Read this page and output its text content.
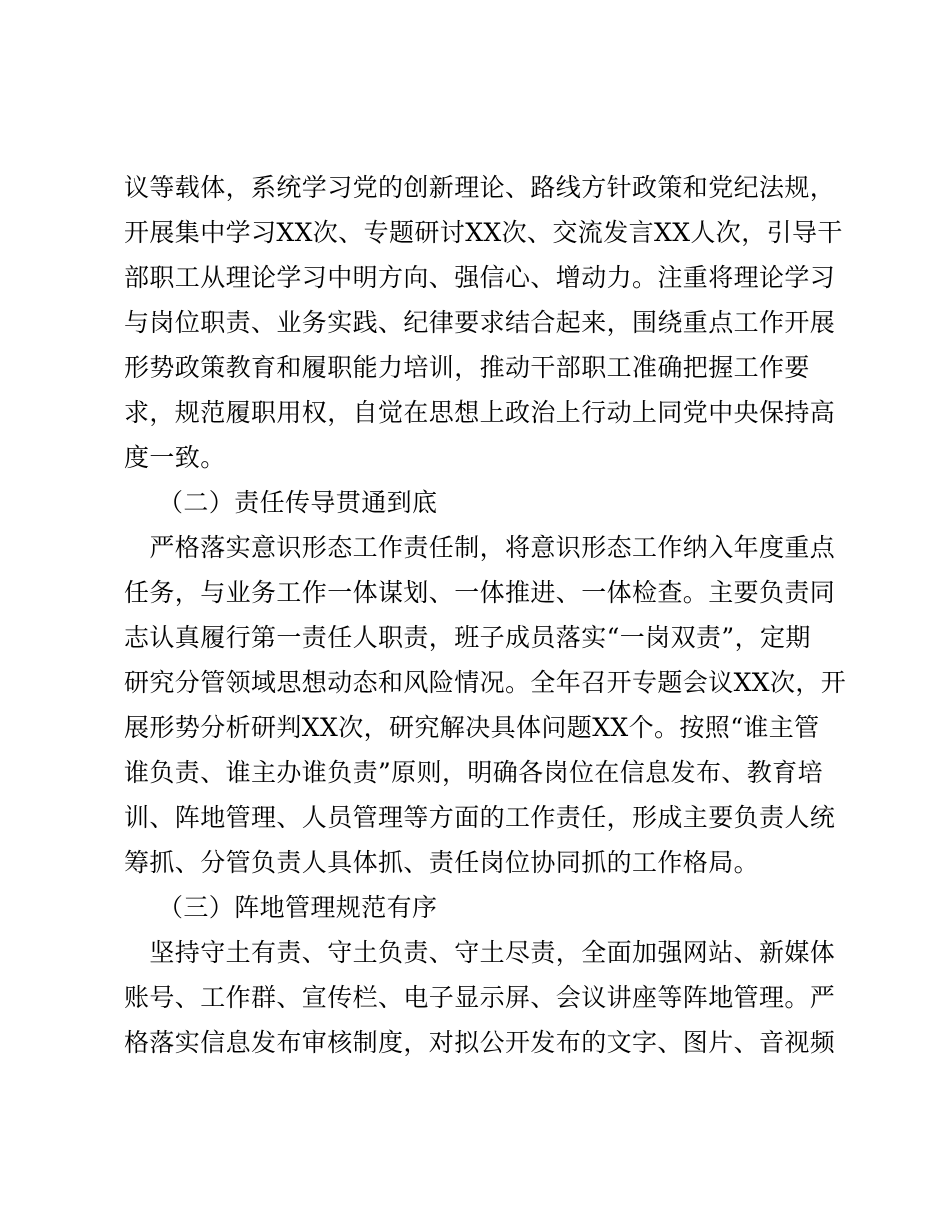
议等载体，系统学习党的创新理论、路线方针政策和党纪法规，
开展集中学习XX次、专题研讨XX次、交流发言XX人次，引导干
部职工从理论学习中明方向、强信心、增动力。注重将理论学习
与岗位职责、业务实践、纪律要求结合起来，围绕重点工作开展
形势政策教育和履职能力培训，推动干部职工准确把握工作要
求，规范履职用权，自觉在思想上政治上行动上同党中央保持高
度一致。
（二）责任传导贯通到底
　严格落实意识形态工作责任制，将意识形态工作纳入年度重点
任务，与业务工作一体谋划、一体推进、一体检查。主要负责同
志认真履行第一责任人职责，班子成员落实“一岗双责”，定期
研究分管领域思想动态和风险情况。全年召开专题会议XX次，开
展形势分析研判XX次，研究解决具体问题XX个。按照“谁主管
谁负责、谁主办谁负责”原则，明确各岗位在信息发布、教育培
训、阵地管理、人员管理等方面的工作责任，形成主要负责人统
筹抓、分管负责人具体抓、责任岗位协同抓的工作格局。
（三）阵地管理规范有序
　坚持守土有责、守土负责、守土尽责，全面加强网站、新媒体
账号、工作群、宣传栏、电子显示屏、会议讲座等阵地管理。严
格落实信息发布审核制度，对拟公开发布的文字、图片、音视频
